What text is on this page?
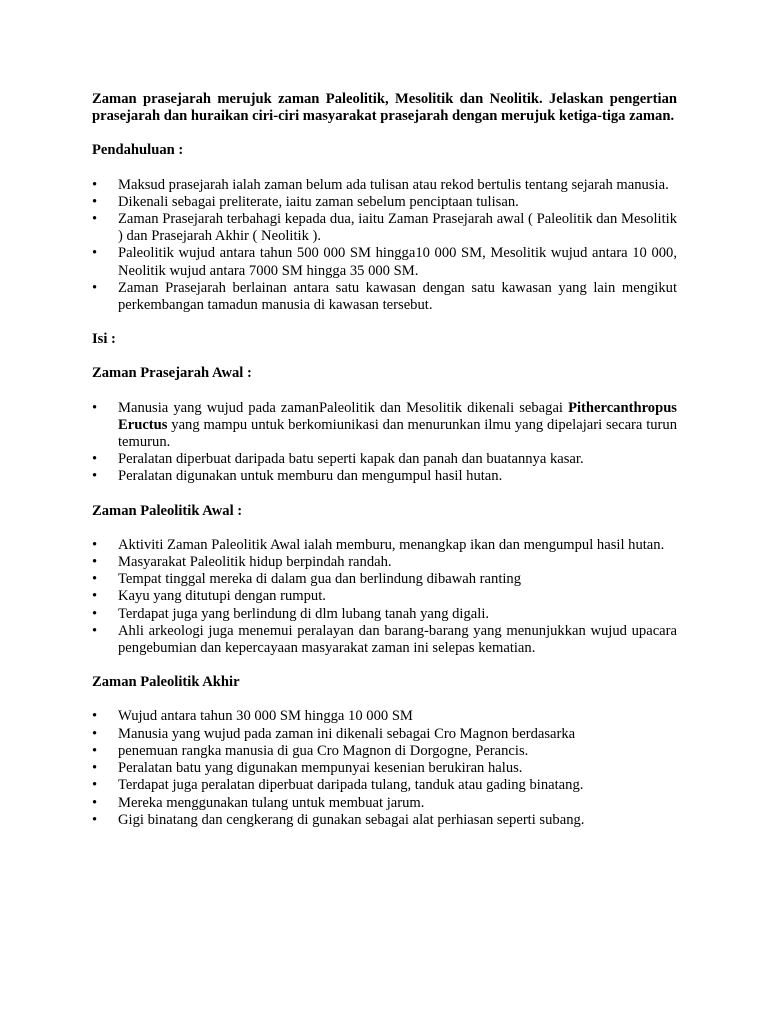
Zaman prasejarah merujuk zaman Paleolitik, Mesolitik dan Neolitik. Jelaskan pengertian prasejarah dan huraikan ciri-ciri masyarakat prasejarah dengan merujuk ketiga-tiga zaman.

Pendahuluan :

• Maksud prasejarah ialah zaman belum ada tulisan atau rekod bertulis tentang sejarah manusia.
• Dikenali sebagai preliterate, iaitu zaman sebelum penciptaan tulisan.
• Zaman Prasejarah terbahagi kepada dua, iaitu Zaman Prasejarah awal ( Paleolitik dan Mesolitik ) dan Prasejarah Akhir ( Neolitik ).
• Paleolitik wujud antara tahun 500 000 SM hingga10 000 SM, Mesolitik wujud antara 10 000, Neolitik wujud antara 7000 SM hingga 35 000 SM.
• Zaman Prasejarah berlainan antara satu kawasan dengan satu kawasan yang lain mengikut perkembangan tamadun manusia di kawasan tersebut.

Isi :

Zaman Prasejarah Awal :

• Manusia yang wujud pada zamanPaleolitik dan Mesolitik dikenali sebagai Pithercanthropus Eructus yang mampu untuk berkomiunikasi dan menurunkan ilmu yang dipelajari secara turun temurun.
• Peralatan diperbuat daripada batu seperti kapak dan panah dan buatannya kasar.
• Peralatan digunakan untuk memburu dan mengumpul hasil hutan.

Zaman Paleolitik Awal :

• Aktiviti Zaman Paleolitik Awal ialah memburu, menangkap ikan dan mengumpul hasil hutan.
• Masyarakat Paleolitik hidup berpindah randah.
• Tempat tinggal mereka di dalam gua dan berlindung dibawah ranting
• Kayu yang ditutupi dengan rumput.
• Terdapat juga yang berlindung di dlm lubang tanah yang digali.
• Ahli arkeologi juga menemui peralayan dan barang-barang yang menunjukkan wujud upacara pengebumian dan kepercayaan masyarakat zaman ini selepas kematian.

Zaman Paleolitik Akhir

• Wujud antara tahun 30 000 SM hingga 10 000 SM
• Manusia yang wujud pada zaman ini dikenali sebagai Cro Magnon berdasarka
• penemuan rangka manusia di gua Cro Magnon di Dorgogne, Perancis.
• Peralatan batu yang digunakan mempunyai kesenian berukiran halus.
• Terdapat juga peralatan diperbuat daripada tulang, tanduk atau gading binatang.
• Mereka menggunakan tulang untuk membuat jarum.
• Gigi binatang dan cengkerang di gunakan sebagai alat perhiasan seperti subang.
